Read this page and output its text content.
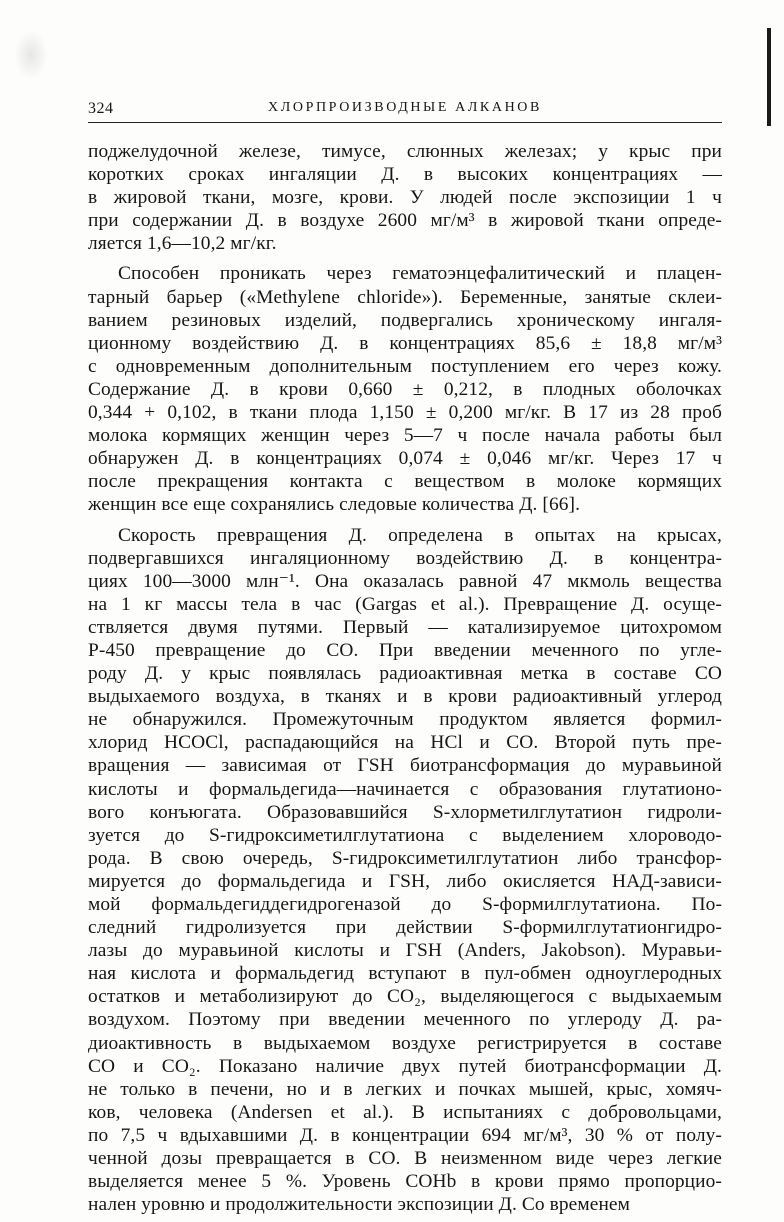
324	ХЛОРПРОИЗВОДНЫЕ АЛКАНОВ
поджелудочной железе, тимусе, слюнных железах; у крыс при
коротких сроках ингаляции Д. в высоких концентрациях —
в жировой ткани, мозге, крови. У людей после экспозиции 1 ч
при содержании Д. в воздухе 2600 мг/м³ в жировой ткани опреде-
ляется 1,6—10,2 мг/кг.
Способен проникать через гематоэнцефалитический и плацен-
тарный барьер («Methylene chloride»). Беременные, занятые склеи-
ванием резиновых изделий, подвергались хроническому ингаля-
ционному воздействию Д. в концентрациях 85,6 ± 18,8 мг/м³
с одновременным дополнительным поступлением его через кожу.
Содержание Д. в крови 0,660 ± 0,212, в плодных оболочках
0,344 + 0,102, в ткани плода 1,150 ± 0,200 мг/кг. В 17 из 28 проб
молока кормящих женщин через 5—7 ч после начала работы был
обнаружен Д. в концентрациях 0,074 ± 0,046 мг/кг. Через 17 ч
после прекращения контакта с веществом в молоке кормящих
женщин все еще сохранялись следовые количества Д. [66].
Скорость превращения Д. определена в опытах на крысах,
подвергавшихся ингаляционному воздействию Д. в концентра-
циях 100—3000 млн⁻¹. Она оказалась равной 47 мкмоль вещества
на 1 кг массы тела в час (Gargas et al.). Превращение Д. осуще-
ствляется двумя путями. Первый — катализируемое цитохромом
Р-450 превращение до СО. При введении меченного по угле-
роду Д. у крыс появлялась радиоактивная метка в составе СО
выдыхаемого воздуха, в тканях и в крови радиоактивный углерод
не обнаружился. Промежуточным продуктом является формил-
хлорид HCOCl, распадающийся на HCl и СО. Второй путь пре-
вращения — зависимая от ГSH биотрансформация до муравьиной
кислоты и формальдегида—начинается с образования глутатионо-
вого конъюгата. Образовавшийся S-хлорметилглутатион гидроли-
зуется до S-гидроксиметилглутатиона с выделением хлороводо-
рода. В свою очередь, S-гидроксиметилглутатион либо трансфор-
мируется до формальдегида и ГSH, либо окисляется НАД-зависи-
мой формальдегиддегидрогеназой до S-формилглутатиона. По-
следний гидролизуется при действии S-формилглутатионгидро-
лазы до муравьиной кислоты и ГSH (Anders, Jakobson). Муравьи-
ная кислота и формальдегид вступают в пул-обмен одноуглеродных
остатков и метаболизируют до CO₂, выделяющегося с выдыхаемым
воздухом. Поэтому при введении меченного по углероду Д. ра-
диоактивность в выдыхаемом воздухе регистрируется в составе
СО и CO₂. Показано наличие двух путей биотрансформации Д.
не только в печени, но и в легких и почках мышей, крыс, хомяч-
ков, человека (Andersen et al.). В испытаниях с добровольцами,
по 7,5 ч вдыхавшими Д. в концентрации 694 мг/м³, 30 % от полу-
ченной дозы превращается в СО. В неизменном виде через легкие
выделяется менее 5 %. Уровень СОНb в крови прямо пропорцио-
нален уровню и продолжительности экспозиции Д. Со временем
